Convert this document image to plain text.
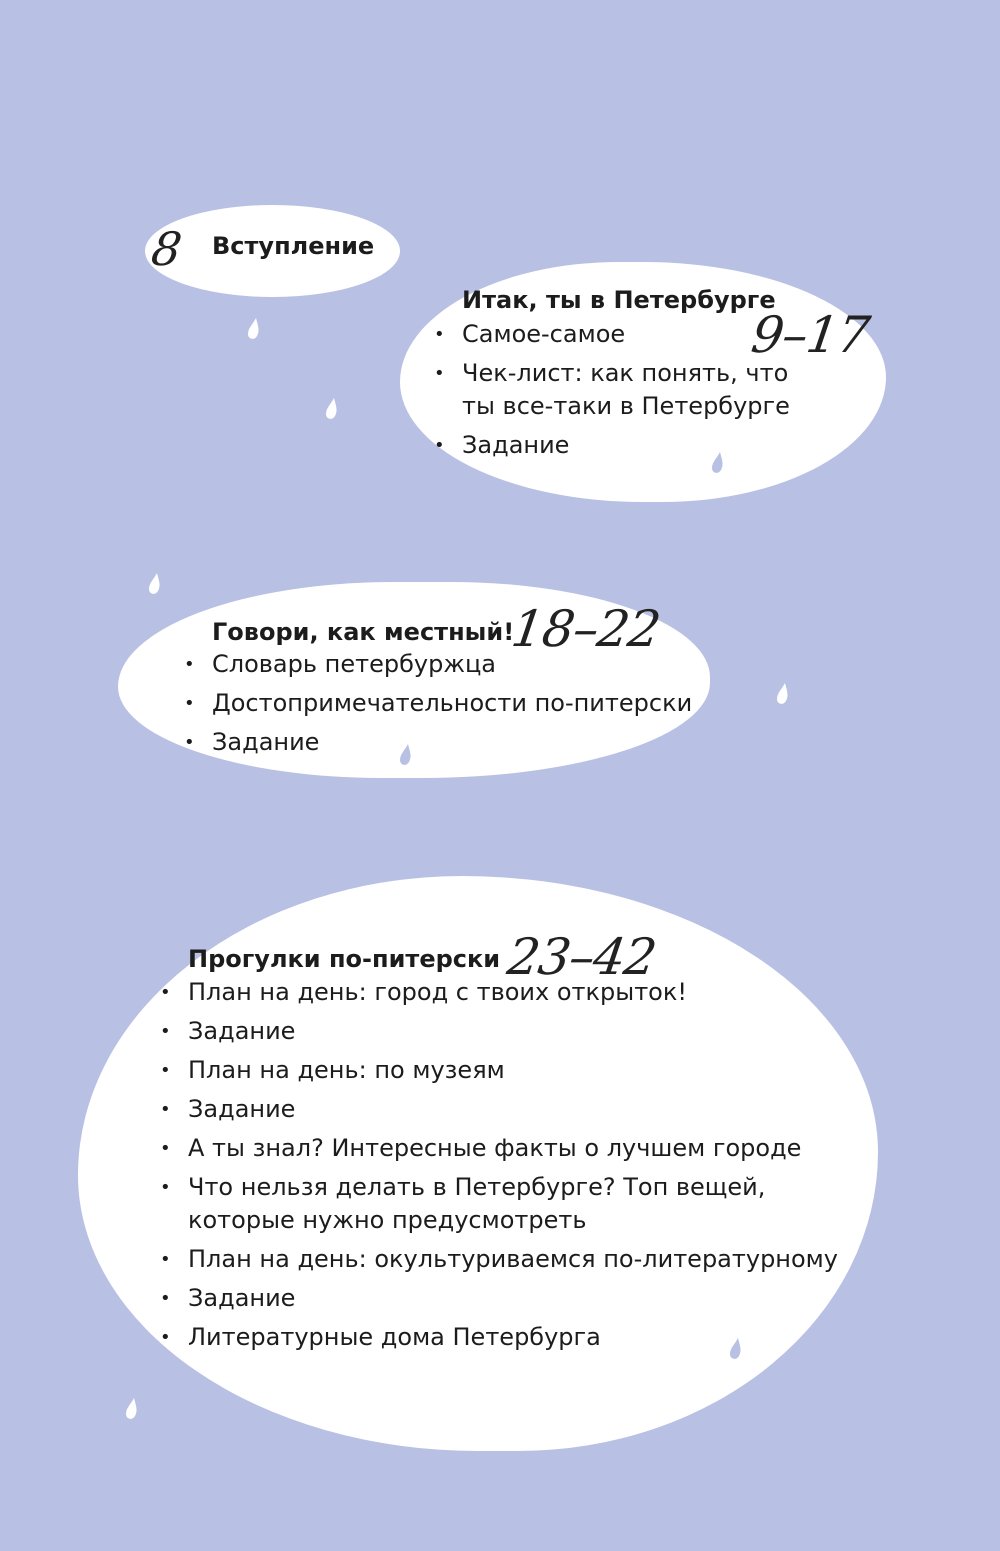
8 Вступление
Итак, ты в Петербурге
9–17
• Самое-самое
• Чек-лист: как понять, что
ты все-таки в Петербурге
• Задание
Говори, как местный!
18–22
• Словарь петербуржца
• Достопримечательности по-питерски
• Задание
Прогулки по-питерски 23–42
• План на день: город с твоих открыток!
• Задание
• План на день: по музеям
• Задание
• А ты знал? Интересные факты о лучшем городе
• Что нельзя делать в Петербурге? Топ вещей,
которые нужно предусмотреть
• План на день: окультуриваемся по-литературному
• Задание
• Литературные дома Петербурга
